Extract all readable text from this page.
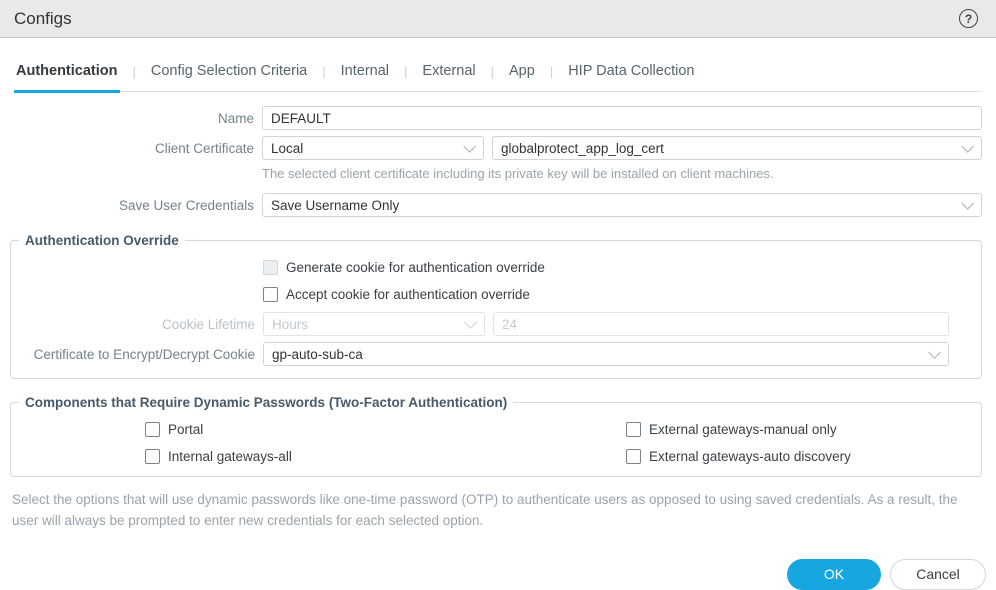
Configs	?
Authentication	|	Config Selection Criteria	|	Internal	|	External	|	App	|	HIP Data Collection
Name	DEFAULT
Client Certificate	Local	globalprotect_app_log_cert
The selected client certificate including its private key will be installed on client machines.
Save User Credentials	Save Username Only
Authentication Override
Generate cookie for authentication override
Accept cookie for authentication override
Cookie Lifetime	Hours	24
Certificate to Encrypt/Decrypt Cookie	gp-auto-sub-ca
Components that Require Dynamic Passwords (Two-Factor Authentication)
Portal	External gateways-manual only
Internal gateways-all	External gateways-auto discovery
Select the options that will use dynamic passwords like one-time password (OTP) to authenticate users as opposed to using saved credentials. As a result, the user will always be prompted to enter new credentials for each selected option.
OK	Cancel
